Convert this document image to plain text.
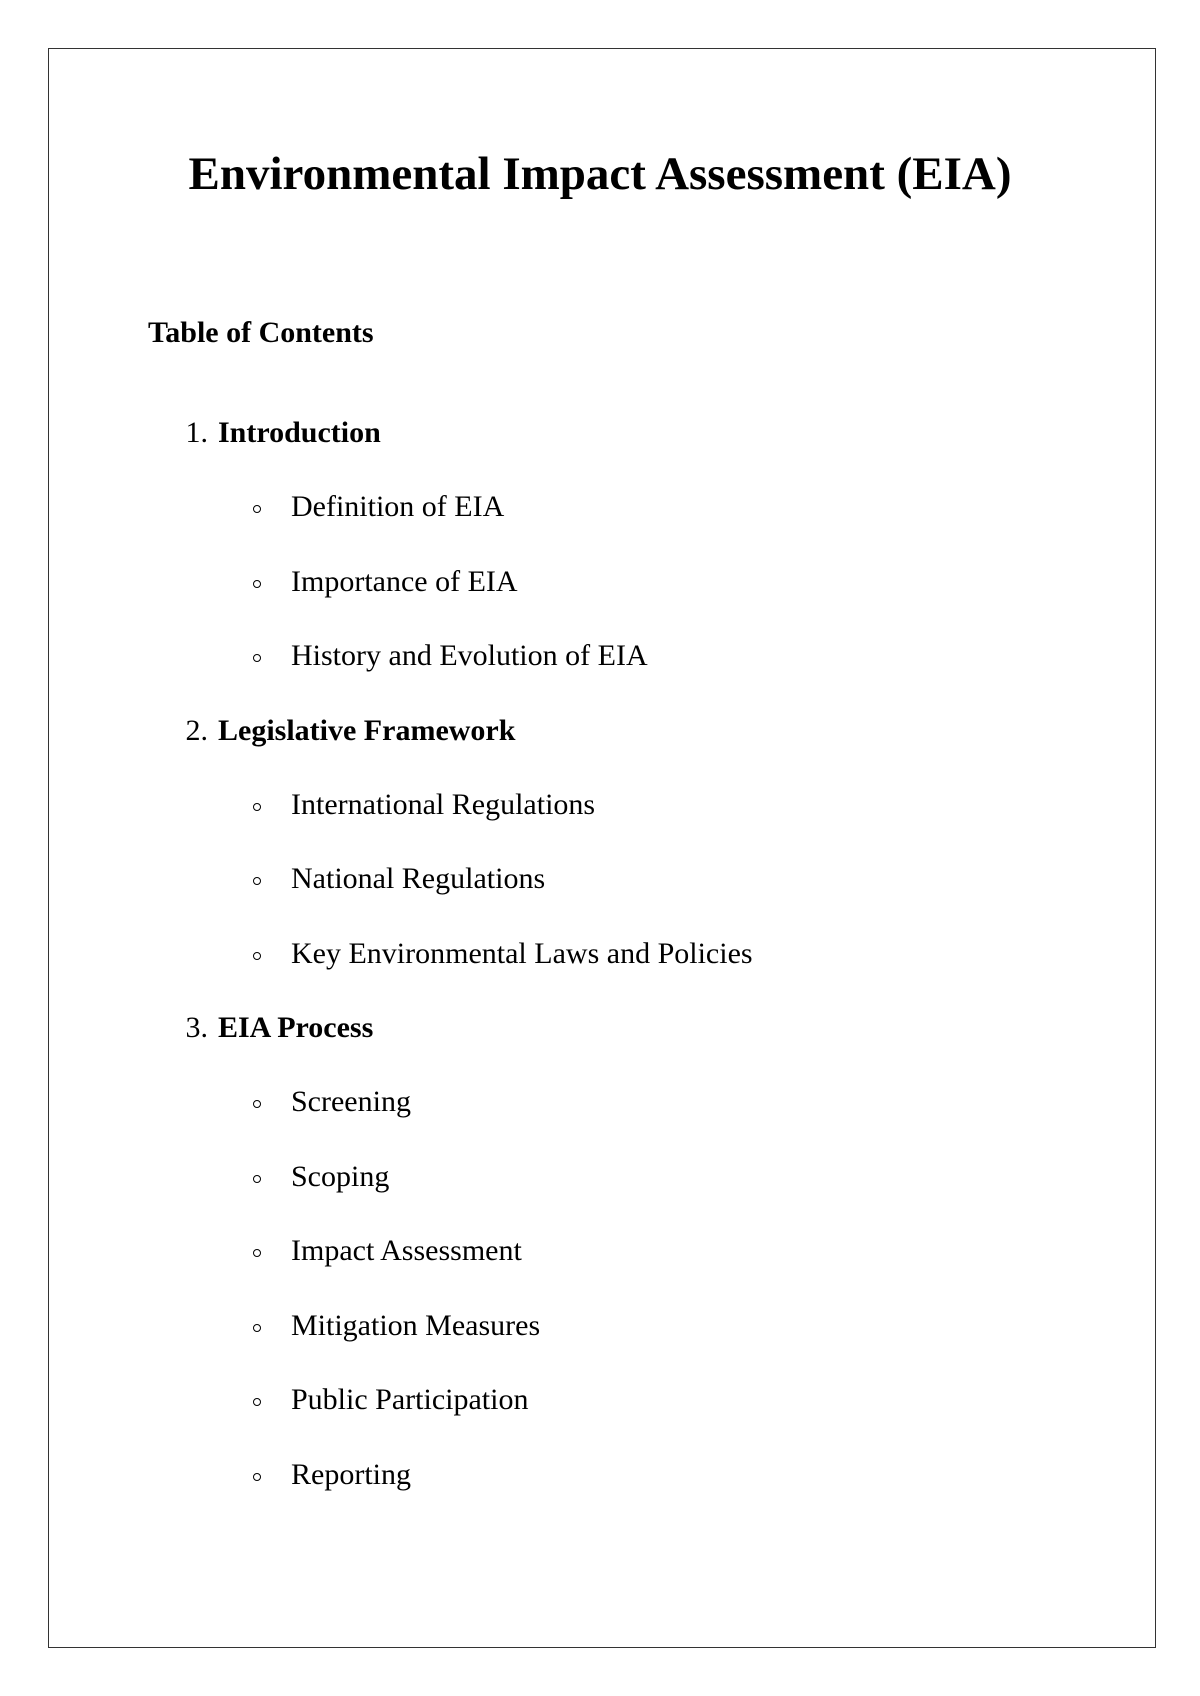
Environmental Impact Assessment (EIA)
Table of Contents
1. Introduction
Definition of EIA
Importance of EIA
History and Evolution of EIA
2. Legislative Framework
International Regulations
National Regulations
Key Environmental Laws and Policies
3. EIA Process
Screening
Scoping
Impact Assessment
Mitigation Measures
Public Participation
Reporting
